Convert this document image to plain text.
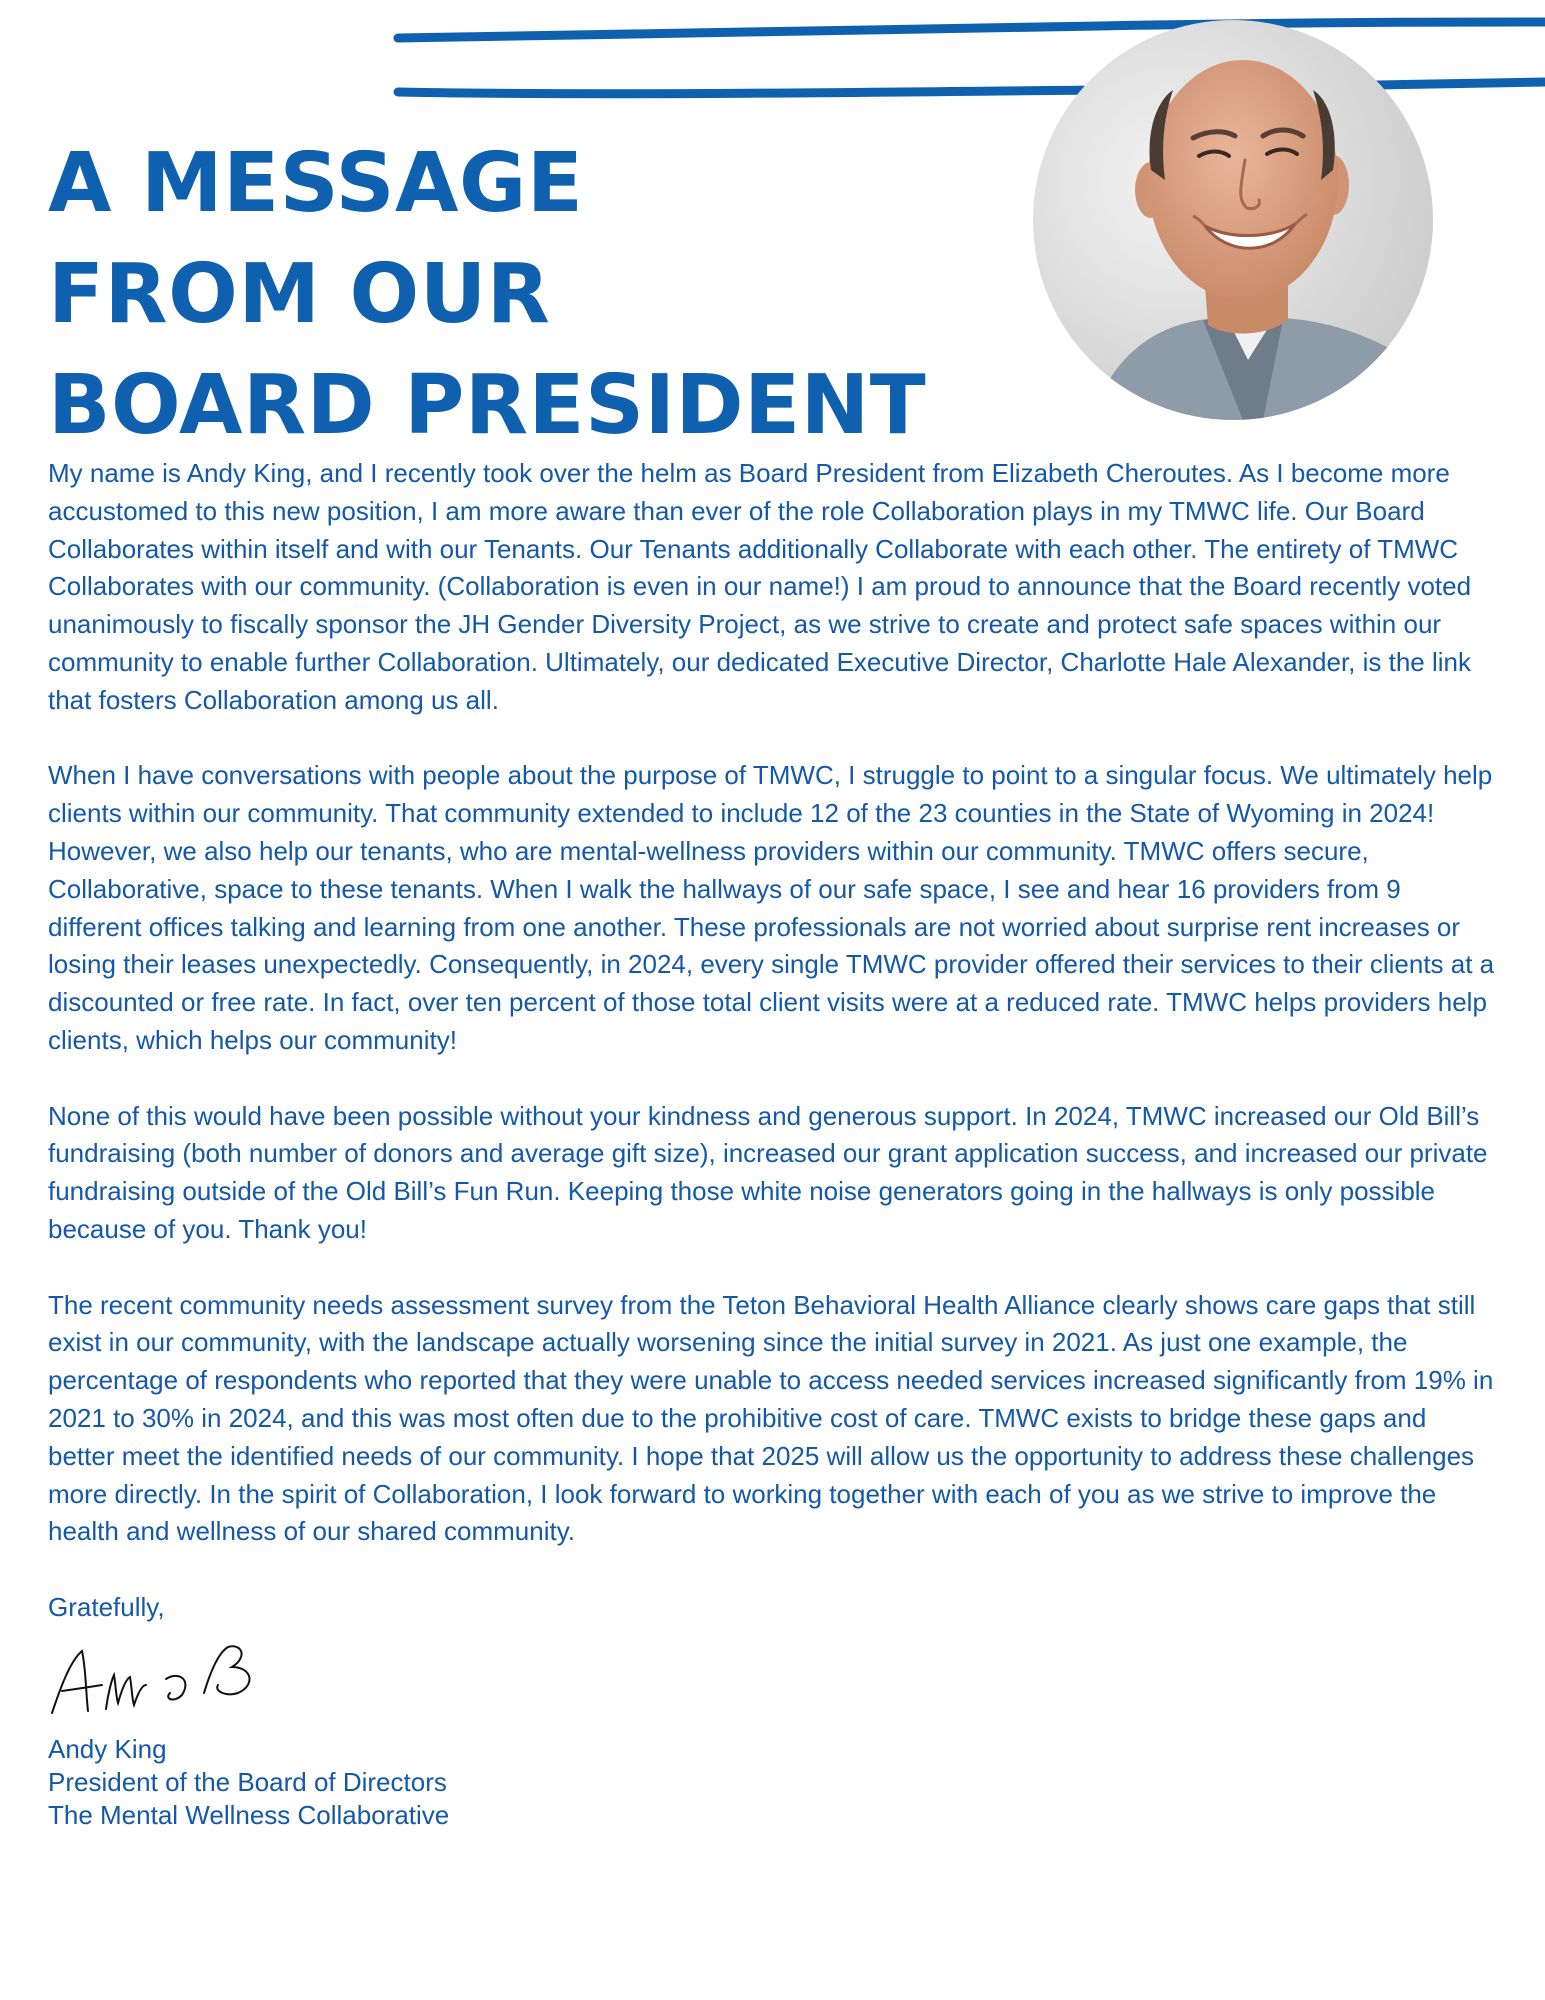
A MESSAGE
FROM OUR
BOARD PRESIDENT

My name is Andy King, and I recently took over the helm as Board President from Elizabeth Cheroutes. As I become more accustomed to this new position, I am more aware than ever of the role Collaboration plays in my TMWC life. Our Board Collaborates within itself and with our Tenants. Our Tenants additionally Collaborate with each other. The entirety of TMWC Collaborates with our community. (Collaboration is even in our name!) I am proud to announce that the Board recently voted unanimously to fiscally sponsor the JH Gender Diversity Project, as we strive to create and protect safe spaces within our community to enable further Collaboration. Ultimately, our dedicated Executive Director, Charlotte Hale Alexander, is the link that fosters Collaboration among us all.

When I have conversations with people about the purpose of TMWC, I struggle to point to a singular focus. We ultimately help clients within our community. That community extended to include 12 of the 23 counties in the State of Wyoming in 2024! However, we also help our tenants, who are mental-wellness providers within our community. TMWC offers secure, Collaborative, space to these tenants. When I walk the hallways of our safe space, I see and hear 16 providers from 9 different offices talking and learning from one another. These professionals are not worried about surprise rent increases or losing their leases unexpectedly. Consequently, in 2024, every single TMWC provider offered their services to their clients at a discounted or free rate. In fact, over ten percent of those total client visits were at a reduced rate. TMWC helps providers help clients, which helps our community!

None of this would have been possible without your kindness and generous support. In 2024, TMWC increased our Old Bill’s fundraising (both number of donors and average gift size), increased our grant application success, and increased our private fundraising outside of the Old Bill’s Fun Run. Keeping those white noise generators going in the hallways is only possible because of you. Thank you!

The recent community needs assessment survey from the Teton Behavioral Health Alliance clearly shows care gaps that still exist in our community, with the landscape actually worsening since the initial survey in 2021. As just one example, the percentage of respondents who reported that they were unable to access needed services increased significantly from 19% in 2021 to 30% in 2024, and this was most often due to the prohibitive cost of care. TMWC exists to bridge these gaps and better meet the identified needs of our community. I hope that 2025 will allow us the opportunity to address these challenges more directly. In the spirit of Collaboration, I look forward to working together with each of you as we strive to improve the health and wellness of our shared community.

Gratefully,
Andy King
President of the Board of Directors
The Mental Wellness Collaborative
